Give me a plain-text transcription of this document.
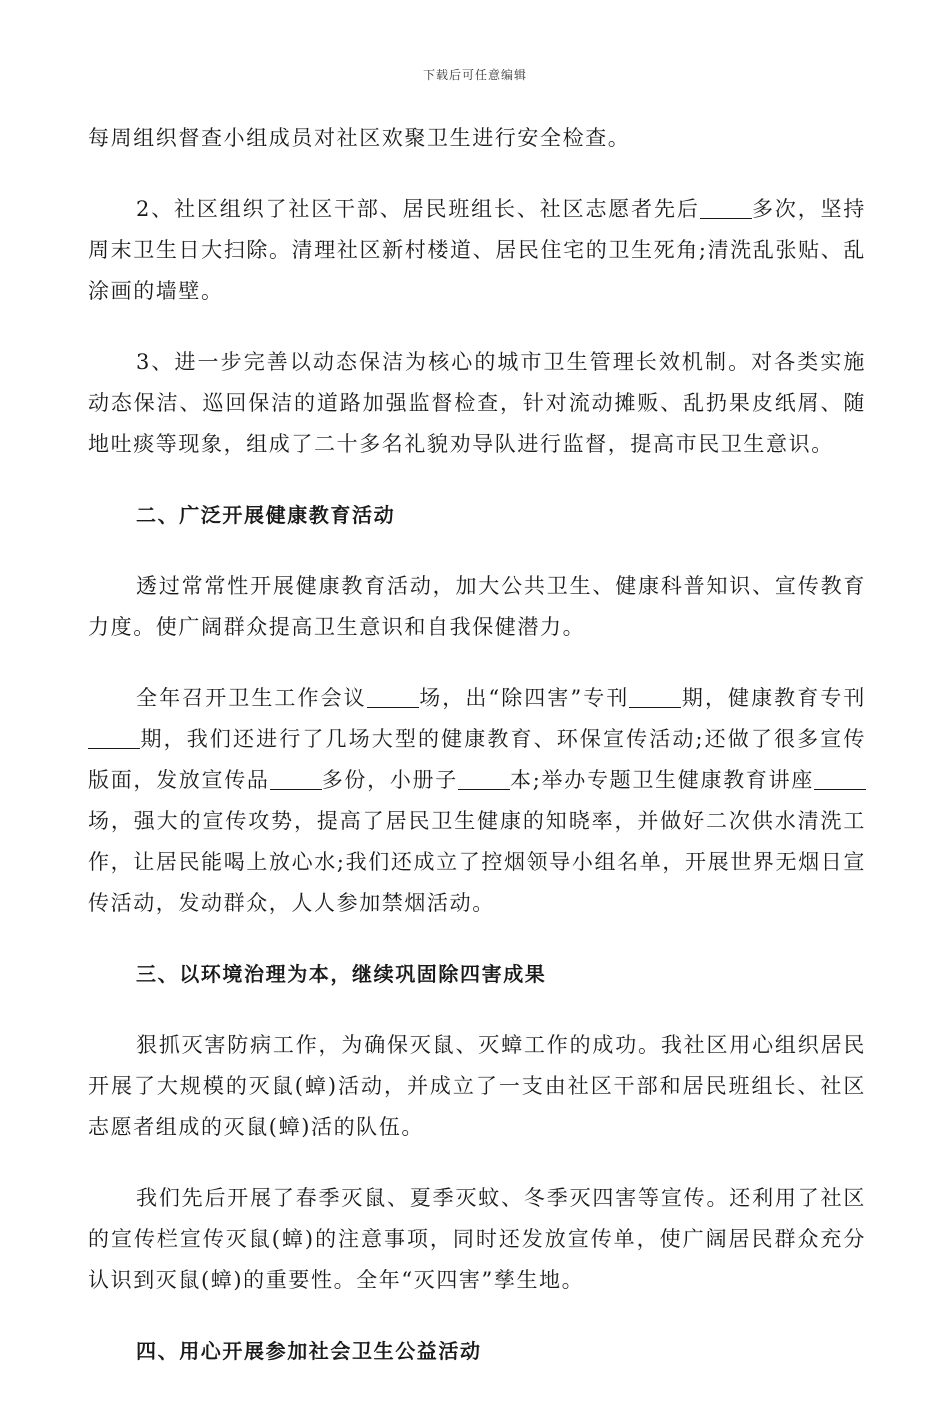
下载后可任意编辑

每周组织督查小组成员对社区欢聚卫生进行安全检查。

2、社区组织了社区干部、居民班组长、社区志愿者先后 多次，坚持周末卫生日大扫除。清理社区新村楼道、居民住宅的卫生死角;清洗乱张贴、乱涂画的墙壁。

3、进一步完善以动态保洁为核心的城市卫生管理长效机制。对各类实施动态保洁、巡回保洁的道路加强监督检查，针对流动摊贩、乱扔果皮纸屑、随地吐痰等现象，组成了二十多名礼貌劝导队进行监督，提高市民卫生意识。

二、广泛开展健康教育活动

透过常常性开展健康教育活动，加大公共卫生、健康科普知识、宣传教育力度。使广阔群众提高卫生意识和自我保健潜力。

全年召开卫生工作会议 场，出“除四害”专刊 期，健康教育专刊期，我们还进行了几场大型的健康教育、环保宣传活动;还做了很多宣传版面，发放宣传品 多份，小册子 本;举办专题卫生健康教育讲座场，强大的宣传攻势，提高了居民卫生健康的知晓率，并做好二次供水清洗工作，让居民能喝上放心水;我们还成立了控烟领导小组名单，开展世界无烟日宣传活动，发动群众，人人参加禁烟活动。

三、以环境治理为本，继续巩固除四害成果

狠抓灭害防病工作，为确保灭鼠、灭蟑工作的成功。我社区用心组织居民开展了大规模的灭鼠(蟑)活动，并成立了一支由社区干部和居民班组长、社区志愿者组成的灭鼠(蟑)活的队伍。

我们先后开展了春季灭鼠、夏季灭蚊、冬季灭四害等宣传。还利用了社区的宣传栏宣传灭鼠(蟑)的注意事项，同时还发放宣传单，使广阔居民群众充分认识到灭鼠(蟑)的重要性。全年“灭四害”孳生地。

四、用心开展参加社会卫生公益活动
